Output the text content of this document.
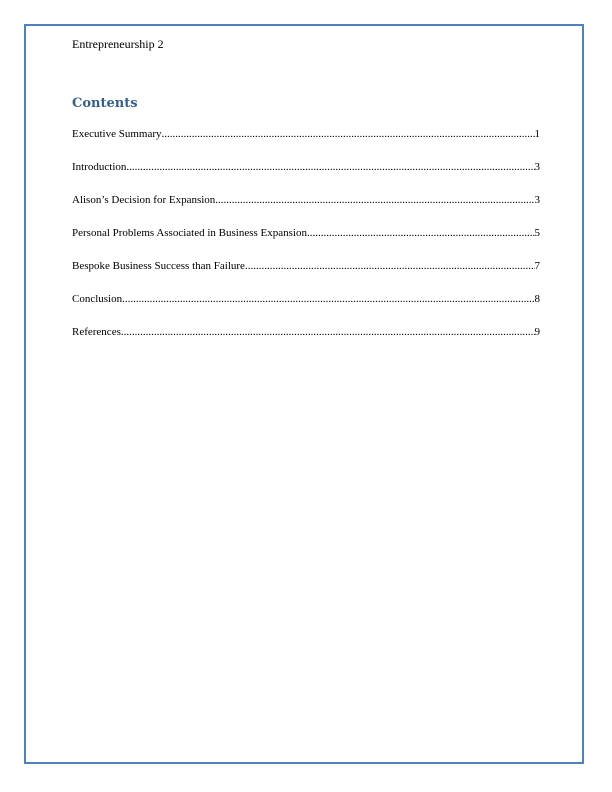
Entrepreneurship 2
Contents
Executive Summary .....	1
Introduction .....	3
Alison’s Decision for Expansion .....	3
Personal Problems Associated in Business Expansion .....	5
Bespoke Business Success than Failure .....	7
Conclusion .....	8
References .....	9
